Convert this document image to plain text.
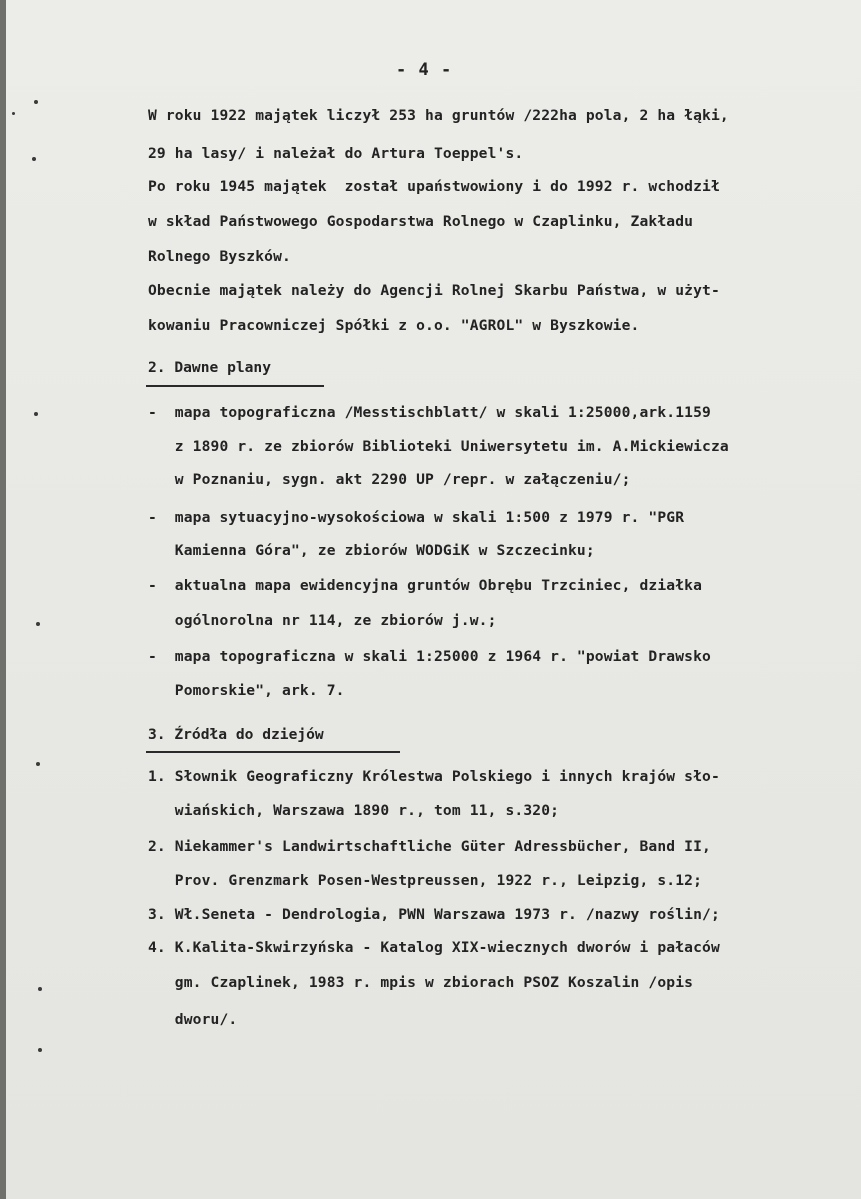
- 4 -
W roku 1922 majątek liczył 253 ha gruntów /222ha pola, 2 ha łąki,
29 ha lasy/ i należał do Artura Toeppel's.
Po roku 1945 majątek  został upaństwowiony i do 1992 r. wchodził
w skład Państwowego Gospodarstwa Rolnego w Czaplinku, Zakładu
Rolnego Byszków.
Obecnie majątek należy do Agencji Rolnej Skarbu Państwa, w użyt-
kowaniu Pracowniczej Spółki z o.o. "AGROL" w Byszkowie.
2. Dawne plany
-  mapa topograficzna /Messtischblatt/ w skali 1:25000,ark.1159
z 1890 r. ze zbiorów Biblioteki Uniwersytetu im. A.Mickiewicza
w Poznaniu, sygn. akt 2290 UP /repr. w załączeniu/;
-  mapa sytuacyjno-wysokościowa w skali 1:500 z 1979 r. "PGR
Kamienna Góra", ze zbiorów WODGiK w Szczecinku;
-  aktualna mapa ewidencyjna gruntów Obrębu Trzciniec, działka
ogólnorolna nr 114, ze zbiorów j.w.;
-  mapa topograficzna w skali 1:25000 z 1964 r. "powiat Drawsko
Pomorskie", ark. 7.
3. Źródła do dziejów
1. Słownik Geograficzny Królestwa Polskiego i innych krajów sło-
wiańskich, Warszawa 1890 r., tom 11, s.320;
2. Niekammer's Landwirtschaftliche Güter Adressbücher, Band II,
Prov. Grenzmark Posen-Westpreussen, 1922 r., Leipzig, s.12;
3. Wł.Seneta - Dendrologia, PWN Warszawa 1973 r. /nazwy roślin/;
4. K.Kalita-Skwirzyńska - Katalog XIX-wiecznych dworów i pałaców
gm. Czaplinek, 1983 r. mpis w zbiorach PSOZ Koszalin /opis
dworu/.
